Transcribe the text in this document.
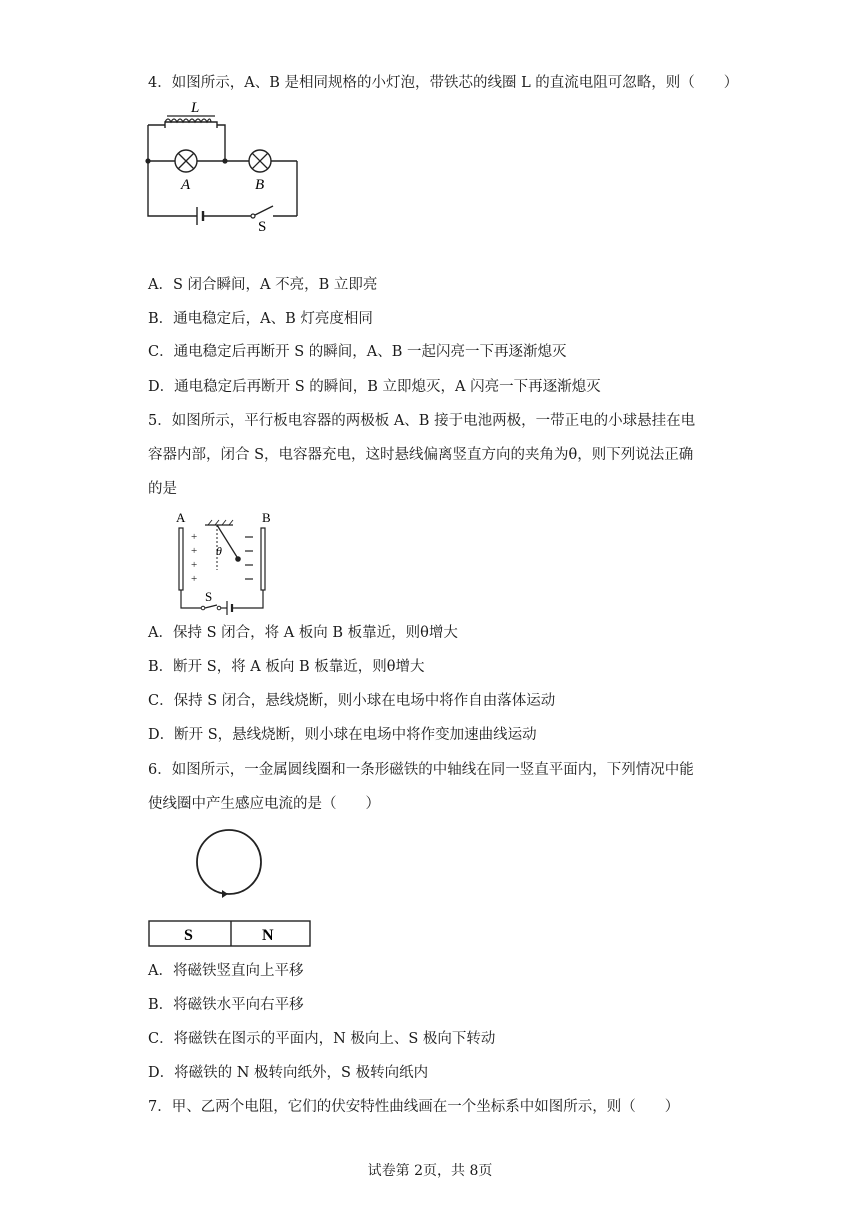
4．如图所示，A、B 是相同规格的小灯泡，带铁芯的线圈 L 的直流电阻可忽略，则（　　）
L
A	B
S
A．S 闭合瞬间，A 不亮，B 立即亮
B．通电稳定后，A、B 灯亮度相同
C．通电稳定后再断开 S 的瞬间，A、B 一起闪亮一下再逐渐熄灭
D．通电稳定后再断开 S 的瞬间，B 立即熄灭，A 闪亮一下再逐渐熄灭
5．如图所示，平行板电容器的两极板 A、B 接于电池两极，一带正电的小球悬挂在电
容器内部，闭合 S，电容器充电，这时悬线偏离竖直方向的夹角为θ，则下列说法正确
的是
A	B
+
+
+
+
θ
S
A．保持 S 闭合，将 A 板向 B 板靠近，则θ增大
B．断开 S，将 A 板向 B 板靠近，则θ增大
C．保持 S 闭合，悬线烧断，则小球在电场中将作自由落体运动
D．断开 S，悬线烧断，则小球在电场中将作变加速曲线运动
6．如图所示，一金属圆线圈和一条形磁铁的中轴线在同一竖直平面内，下列情况中能
使线圈中产生感应电流的是（　　）
S	N
A．将磁铁竖直向上平移
B．将磁铁水平向右平移
C．将磁铁在图示的平面内，N 极向上、S 极向下转动
D．将磁铁的 N 极转向纸外，S 极转向纸内
7．甲、乙两个电阻，它们的伏安特性曲线画在一个坐标系中如图所示，则（　　）
试卷第 2页，共 8页
